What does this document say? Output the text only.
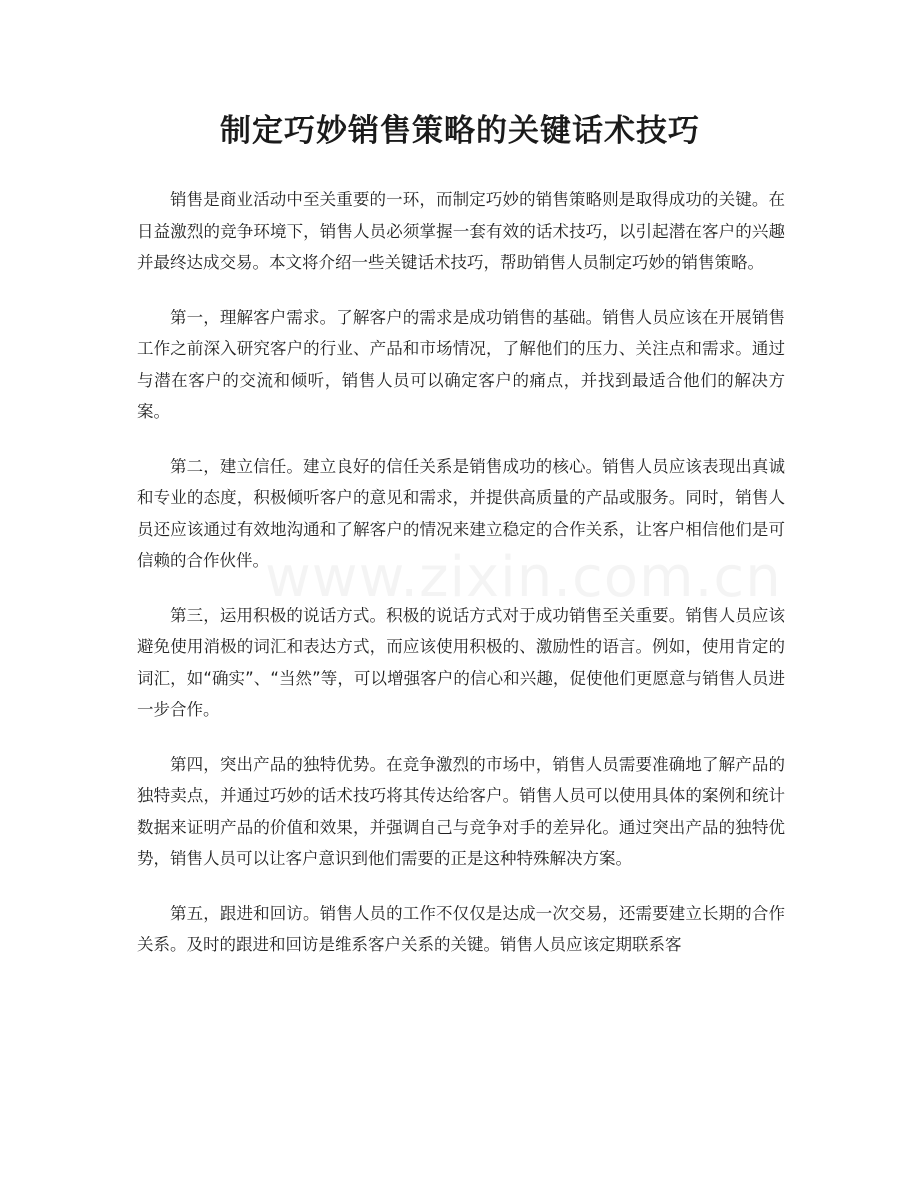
制定巧妙销售策略的关键话术技巧

销售是商业活动中至关重要的一环，而制定巧妙的销售策略则是取得成功的关键。在日益激烈的竞争环境下，销售人员必须掌握一套有效的话术技巧，以引起潜在客户的兴趣并最终达成交易。本文将介绍一些关键话术技巧，帮助销售人员制定巧妙的销售策略。

第一，理解客户需求。了解客户的需求是成功销售的基础。销售人员应该在开展销售工作之前深入研究客户的行业、产品和市场情况，了解他们的压力、关注点和需求。通过与潜在客户的交流和倾听，销售人员可以确定客户的痛点，并找到最适合他们的解决方案。

第二，建立信任。建立良好的信任关系是销售成功的核心。销售人员应该表现出真诚和专业的态度，积极倾听客户的意见和需求，并提供高质量的产品或服务。同时，销售人员还应该通过有效地沟通和了解客户的情况来建立稳定的合作关系，让客户相信他们是可信赖的合作伙伴。

第三，运用积极的说话方式。积极的说话方式对于成功销售至关重要。销售人员应该避免使用消极的词汇和表达方式，而应该使用积极的、激励性的语言。例如，使用肯定的词汇，如“确实”、“当然”等，可以增强客户的信心和兴趣，促使他们更愿意与销售人员进一步合作。

第四，突出产品的独特优势。在竞争激烈的市场中，销售人员需要准确地了解产品的独特卖点，并通过巧妙的话术技巧将其传达给客户。销售人员可以使用具体的案例和统计数据来证明产品的价值和效果，并强调自己与竞争对手的差异化。通过突出产品的独特优势，销售人员可以让客户意识到他们需要的正是这种特殊解决方案。

第五，跟进和回访。销售人员的工作不仅仅是达成一次交易，还需要建立长期的合作关系。及时的跟进和回访是维系客户关系的关键。销售人员应该定期联系客
